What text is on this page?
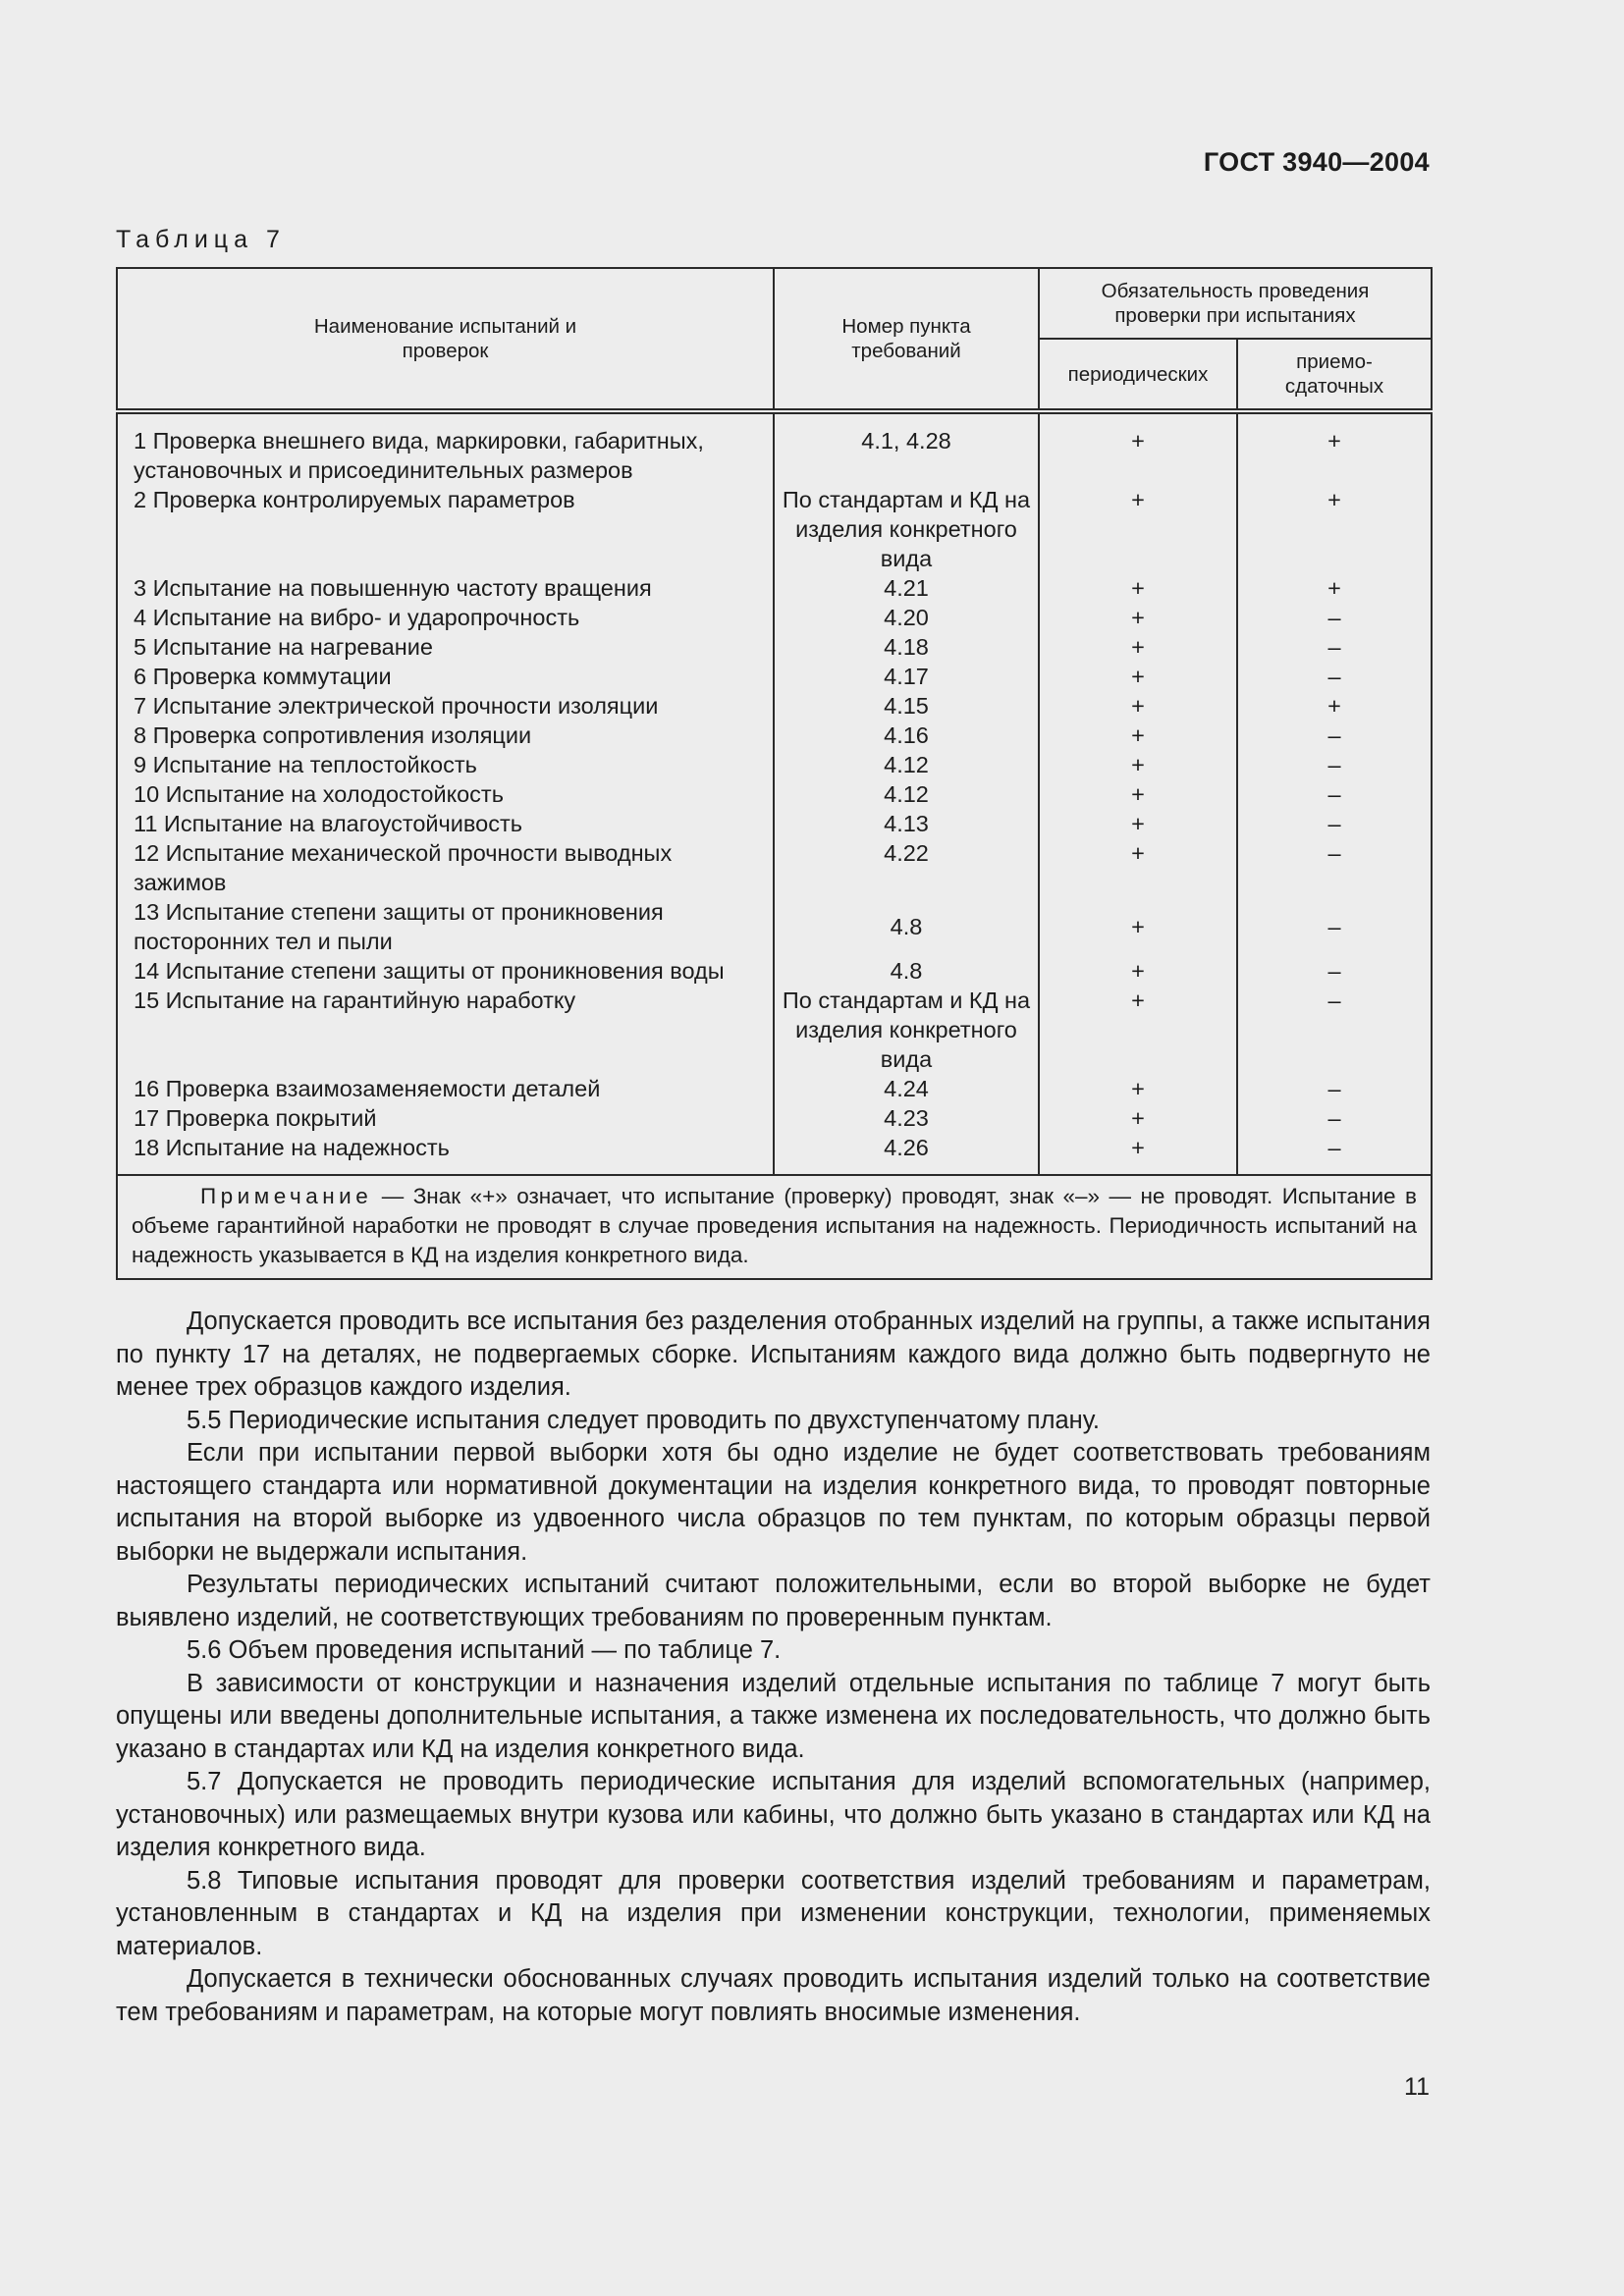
ГОСТ 3940—2004
Таблица 7
Наименование испытаний и проверок	Номер пункта требований	Обязательность проведения проверки при испытаниях	
		периодических	приемо-сдаточных
1 Проверка внешнего вида, маркировки, габаритных, установочных и присоединительных размеров	4.1, 4.28	+	+
2 Проверка контролируемых параметров	По стандартам и КД на изделия конкретного вида	+	+
3 Испытание на повышенную частоту вращения	4.21	+	+
4 Испытание на вибро- и ударопрочность	4.20	+	–
5 Испытание на нагревание	4.18	+	–
6 Проверка коммутации	4.17	+	–
7 Испытание электрической прочности изоляции	4.15	+	+
8 Проверка сопротивления изоляции	4.16	+	–
9 Испытание на теплостойкость	4.12	+	–
10 Испытание на холодостойкость	4.12	+	–
11 Испытание на влагоустойчивость	4.13	+	–
12 Испытание механической прочности выводных зажимов	4.22	+	–
13 Испытание степени защиты от проникновения посторонних тел и пыли	4.8	+	–
14 Испытание степени защиты от проникновения воды	4.8	+	–
15 Испытание на гарантийную наработку	По стандартам и КД на изделия конкретного вида	+	–
16 Проверка взаимозаменяемости деталей	4.24	+	–
17 Проверка покрытий	4.23	+	–
18 Испытание на надежность	4.26	+	–
Примечание — Знак «+» означает, что испытание (проверку) проводят, знак «–» — не проводят. Испытание в объеме гарантийной наработки не проводят в случае проведения испытания на надежность. Периодичность испытаний на надежность указывается в КД на изделия конкретного вида.			

Допускается проводить все испытания без разделения отобранных изделий на группы, а также испытания по пункту 17 на деталях, не подвергаемых сборке. Испытаниям каждого вида должно быть подвергнуто не менее трех образцов каждого изделия.

5.5 Периодические испытания следует проводить по двухступенчатому плану.

Если при испытании первой выборки хотя бы одно изделие не будет соответствовать требованиям настоящего стандарта или нормативной документации на изделия конкретного вида, то проводят повторные испытания на второй выборке из удвоенного числа образцов по тем пунктам, по которым образцы первой выборки не выдержали испытания.

Результаты периодических испытаний считают положительными, если во второй выборке не будет выявлено изделий, не соответствующих требованиям по проверенным пунктам.

5.6 Объем проведения испытаний — по таблице 7.

В зависимости от конструкции и назначения изделий отдельные испытания по таблице 7 могут быть опущены или введены дополнительные испытания, а также изменена их последовательность, что должно быть указано в стандартах или КД на изделия конкретного вида.

5.7 Допускается не проводить периодические испытания для изделий вспомогательных (например, установочных) или размещаемых внутри кузова или кабины, что должно быть указано в стандартах или КД на изделия конкретного вида.

5.8 Типовые испытания проводят для проверки соответствия изделий требованиям и параметрам, установленным в стандартах и КД на изделия при изменении конструкции, технологии, применяемых материалов.

Допускается в технически обоснованных случаях проводить испытания изделий только на соответствие тем требованиям и параметрам, на которые могут повлиять вносимые изменения.

11
